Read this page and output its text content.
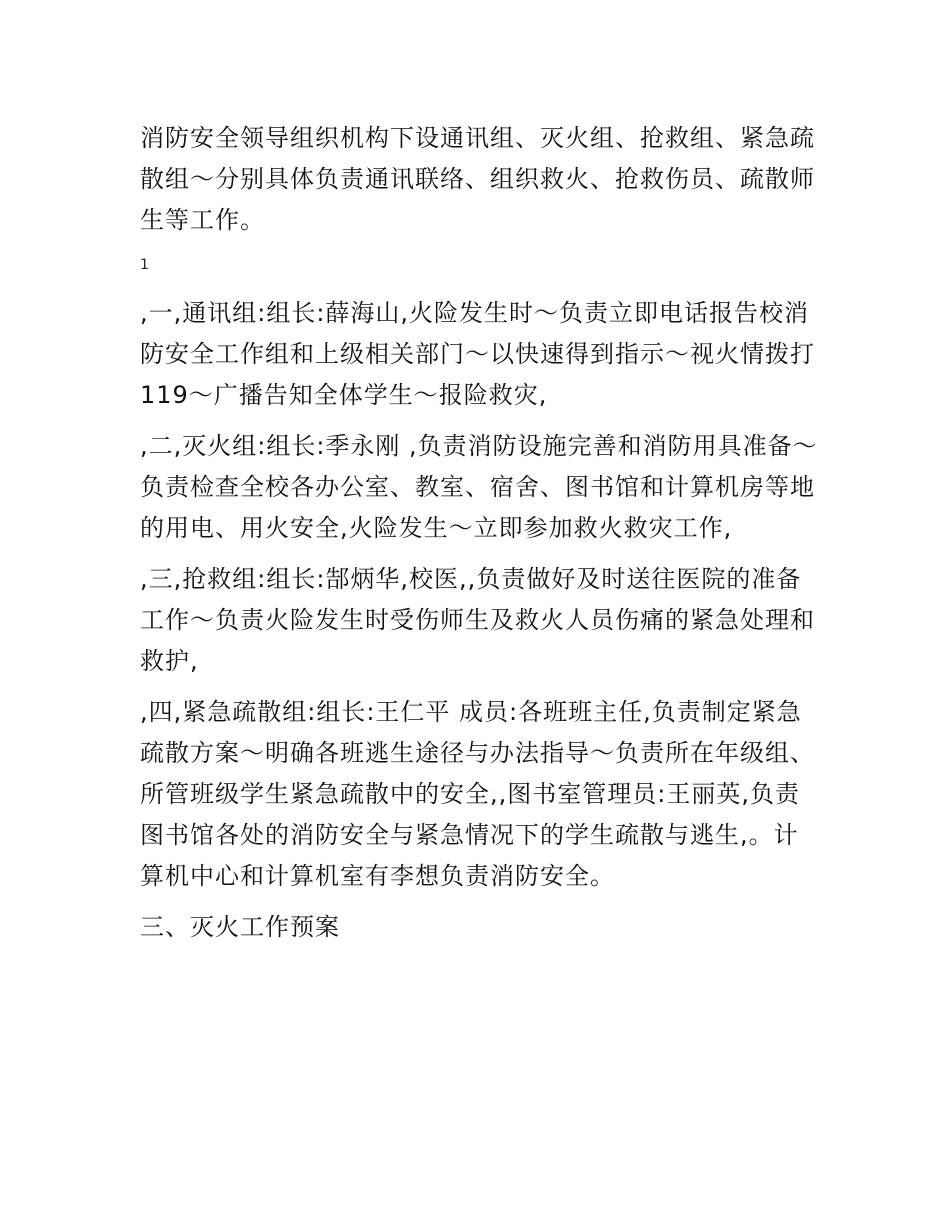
消防安全领导组织机构下设通讯组、灭火组、抢救组、紧急疏散组～分别具体负责通讯联络、组织救火、抢救伤员、疏散师生等工作。

1

,一,通讯组:组长:薛海山,火险发生时～负责立即电话报告校消防安全工作组和上级相关部门～以快速得到指示～视火情拨打119～广播告知全体学生～报险救灾,

,二,灭火组:组长:季永刚 ,负责消防设施完善和消防用具准备～负责检查全校各办公室、教室、宿舍、图书馆和计算机房等地的用电、用火安全,火险发生～立即参加救火救灾工作,

,三,抢救组:组长:郜炳华,校医,,负责做好及时送往医院的准备工作～负责火险发生时受伤师生及救火人员伤痛的紧急处理和救护,

,四,紧急疏散组:组长:王仁平 成员:各班班主任,负责制定紧急疏散方案～明确各班逃生途径与办法指导～负责所在年级组、所管班级学生紧急疏散中的安全,,图书室管理员:王丽英,负责图书馆各处的消防安全与紧急情况下的学生疏散与逃生,。计算机中心和计算机室有李想负责消防安全。

三、灭火工作预案
